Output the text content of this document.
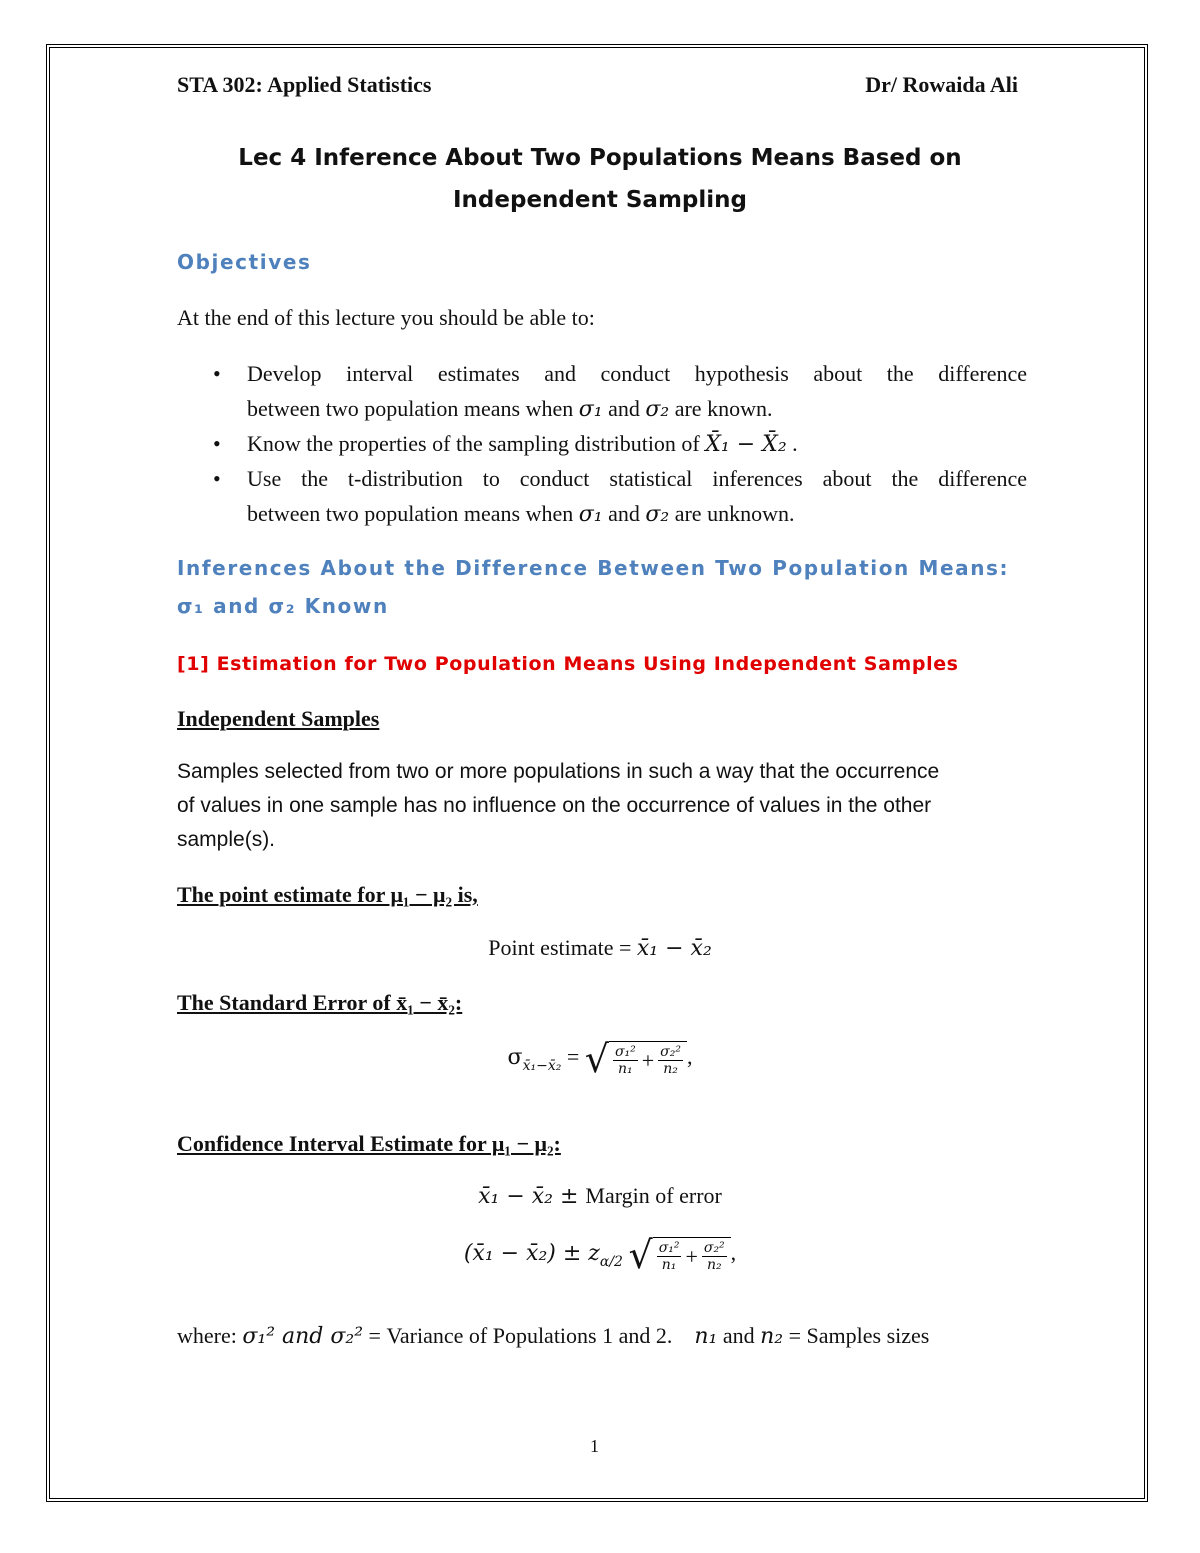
STA 302: Applied Statistics	Dr/ Rowaida Ali
Lec 4 Inference About Two Populations Means Based on
Independent Sampling
Objectives
At the end of this lecture you should be able to:
• Develop interval estimates and conduct hypothesis about the difference
between two population means when σ₁ and σ₂ are known.
• Know the properties of the sampling distribution of X̄₁ − X̄₂ .
• Use the t-distribution to conduct statistical inferences about the difference
between two population means when σ₁ and σ₂ are unknown.
Inferences About the Difference Between Two Population Means:
σ₁ and σ₂ Known
[1] Estimation for Two Population Means Using Independent Samples
Independent Samples
Samples selected from two or more populations in such a way that the occurrence
of values in one sample has no influence on the occurrence of values in the other
sample(s).
The point estimate for μ₁ − μ₂ is,
Point estimate = x̄₁ − x̄₂
The Standard Error of x̄₁ − x̄₂:
$\sigma_{x̄_1-x̄_2}$ = √ $\frac{\text{σ₁²}}{\text{n₁}} + \frac{\text{σ₂²}}{\text{n₂}}$ ,
Confidence Interval Estimate for μ₁ − μ₂:
x̄₁ − x̄₂ ± Margin of error
(x̄₁ − x̄₂) ± $z_{\alpha/2}$ √ $\frac{\text{σ₁²}}{\text{n₁}} + \frac{\text{σ₂²}}{\text{n₂}}$ ,
where: σ₁² and σ₂² = Variance of Populations 1 and 2.    n₁ and n₂ = Samples sizes
1
